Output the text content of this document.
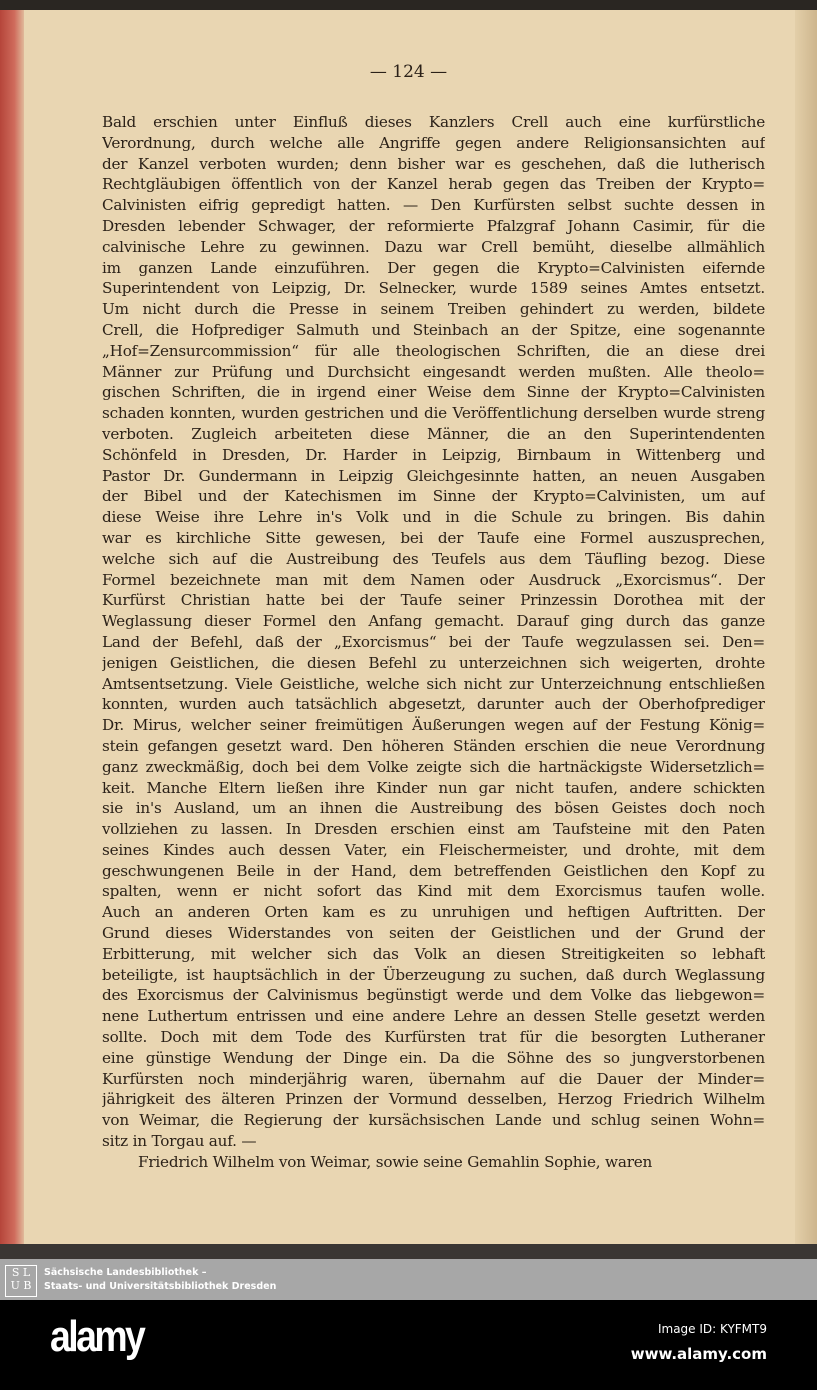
— 124 —
Bald erschien unter Einfluß dieses Kanzlers Crell auch eine kurfürstliche
Verordnung, durch welche alle Angriffe gegen andere Religionsansichten auf
der Kanzel verboten wurden; denn bisher war es geschehen, daß die lutherisch
Rechtgläubigen öffentlich von der Kanzel herab gegen das Treiben der Krypto=
Calvinisten eifrig gepredigt hatten. — Den Kurfürsten selbst suchte dessen in
Dresden lebender Schwager, der reformierte Pfalzgraf Johann Casimir, für die
calvinische Lehre zu gewinnen. Dazu war Crell bemüht, dieselbe allmählich
im ganzen Lande einzuführen. Der gegen die Krypto=Calvinisten eifernde
Superintendent von Leipzig, Dr. Selnecker, wurde 1589 seines Amtes entsetzt.
Um nicht durch die Presse in seinem Treiben gehindert zu werden, bildete
Crell, die Hofprediger Salmuth und Steinbach an der Spitze, eine sogenannte
„Hof=Zensurcommission“ für alle theologischen Schriften, die an diese drei
Männer zur Prüfung und Durchsicht eingesandt werden mußten. Alle theolo=
gischen Schriften, die in irgend einer Weise dem Sinne der Krypto=Calvinisten
schaden konnten, wurden gestrichen und die Veröffentlichung derselben wurde streng
verboten. Zugleich arbeiteten diese Männer, die an den Superintendenten
Schönfeld in Dresden, Dr. Harder in Leipzig, Birnbaum in Wittenberg und
Pastor Dr. Gundermann in Leipzig Gleichgesinnte hatten, an neuen Ausgaben
der Bibel und der Katechismen im Sinne der Krypto=Calvinisten, um auf
diese Weise ihre Lehre in's Volk und in die Schule zu bringen. Bis dahin
war es kirchliche Sitte gewesen, bei der Taufe eine Formel auszusprechen,
welche sich auf die Austreibung des Teufels aus dem Täufling bezog. Diese
Formel bezeichnete man mit dem Namen oder Ausdruck „Exorcismus“. Der
Kurfürst Christian hatte bei der Taufe seiner Prinzessin Dorothea mit der
Weglassung dieser Formel den Anfang gemacht. Darauf ging durch das ganze
Land der Befehl, daß der „Exorcismus“ bei der Taufe wegzulassen sei. Den=
jenigen Geistlichen, die diesen Befehl zu unterzeichnen sich weigerten, drohte
Amtsentsetzung. Viele Geistliche, welche sich nicht zur Unterzeichnung entschließen
konnten, wurden auch tatsächlich abgesetzt, darunter auch der Oberhofprediger
Dr. Mirus, welcher seiner freimütigen Äußerungen wegen auf der Festung König=
stein gefangen gesetzt ward. Den höheren Ständen erschien die neue Verordnung
ganz zweckmäßig, doch bei dem Volke zeigte sich die hartnäckigste Widersetzlich=
keit. Manche Eltern ließen ihre Kinder nun gar nicht taufen, andere schickten
sie in's Ausland, um an ihnen die Austreibung des bösen Geistes doch noch
vollziehen zu lassen. In Dresden erschien einst am Taufsteine mit den Paten
seines Kindes auch dessen Vater, ein Fleischermeister, und drohte, mit dem
geschwungenen Beile in der Hand, dem betreffenden Geistlichen den Kopf zu
spalten, wenn er nicht sofort das Kind mit dem Exorcismus taufen wolle.
Auch an anderen Orten kam es zu unruhigen und heftigen Auftritten. Der
Grund dieses Widerstandes von seiten der Geistlichen und der Grund der
Erbitterung, mit welcher sich das Volk an diesen Streitigkeiten so lebhaft
beteiligte, ist hauptsächlich in der Überzeugung zu suchen, daß durch Weglassung
des Exorcismus der Calvinismus begünstigt werde und dem Volke das liebgewon=
nene Luthertum entrissen und eine andere Lehre an dessen Stelle gesetzt werden
sollte. Doch mit dem Tode des Kurfürsten trat für die besorgten Lutheraner
eine günstige Wendung der Dinge ein. Da die Söhne des so jungverstorbenen
Kurfürsten noch minderjährig waren, übernahm auf die Dauer der Minder=
jährigkeit des älteren Prinzen der Vormund desselben, Herzog Friedrich Wilhelm
von Weimar, die Regierung der kursächsischen Lande und schlug seinen Wohn=
sitz in Torgau auf. —
Friedrich Wilhelm von Weimar, sowie seine Gemahlin Sophie, waren
S L
U B
Sächsische Landesbibliothek –
Staats- und Universitätsbibliothek Dresden
alamy	Image ID: KYFMT9
www.alamy.com
